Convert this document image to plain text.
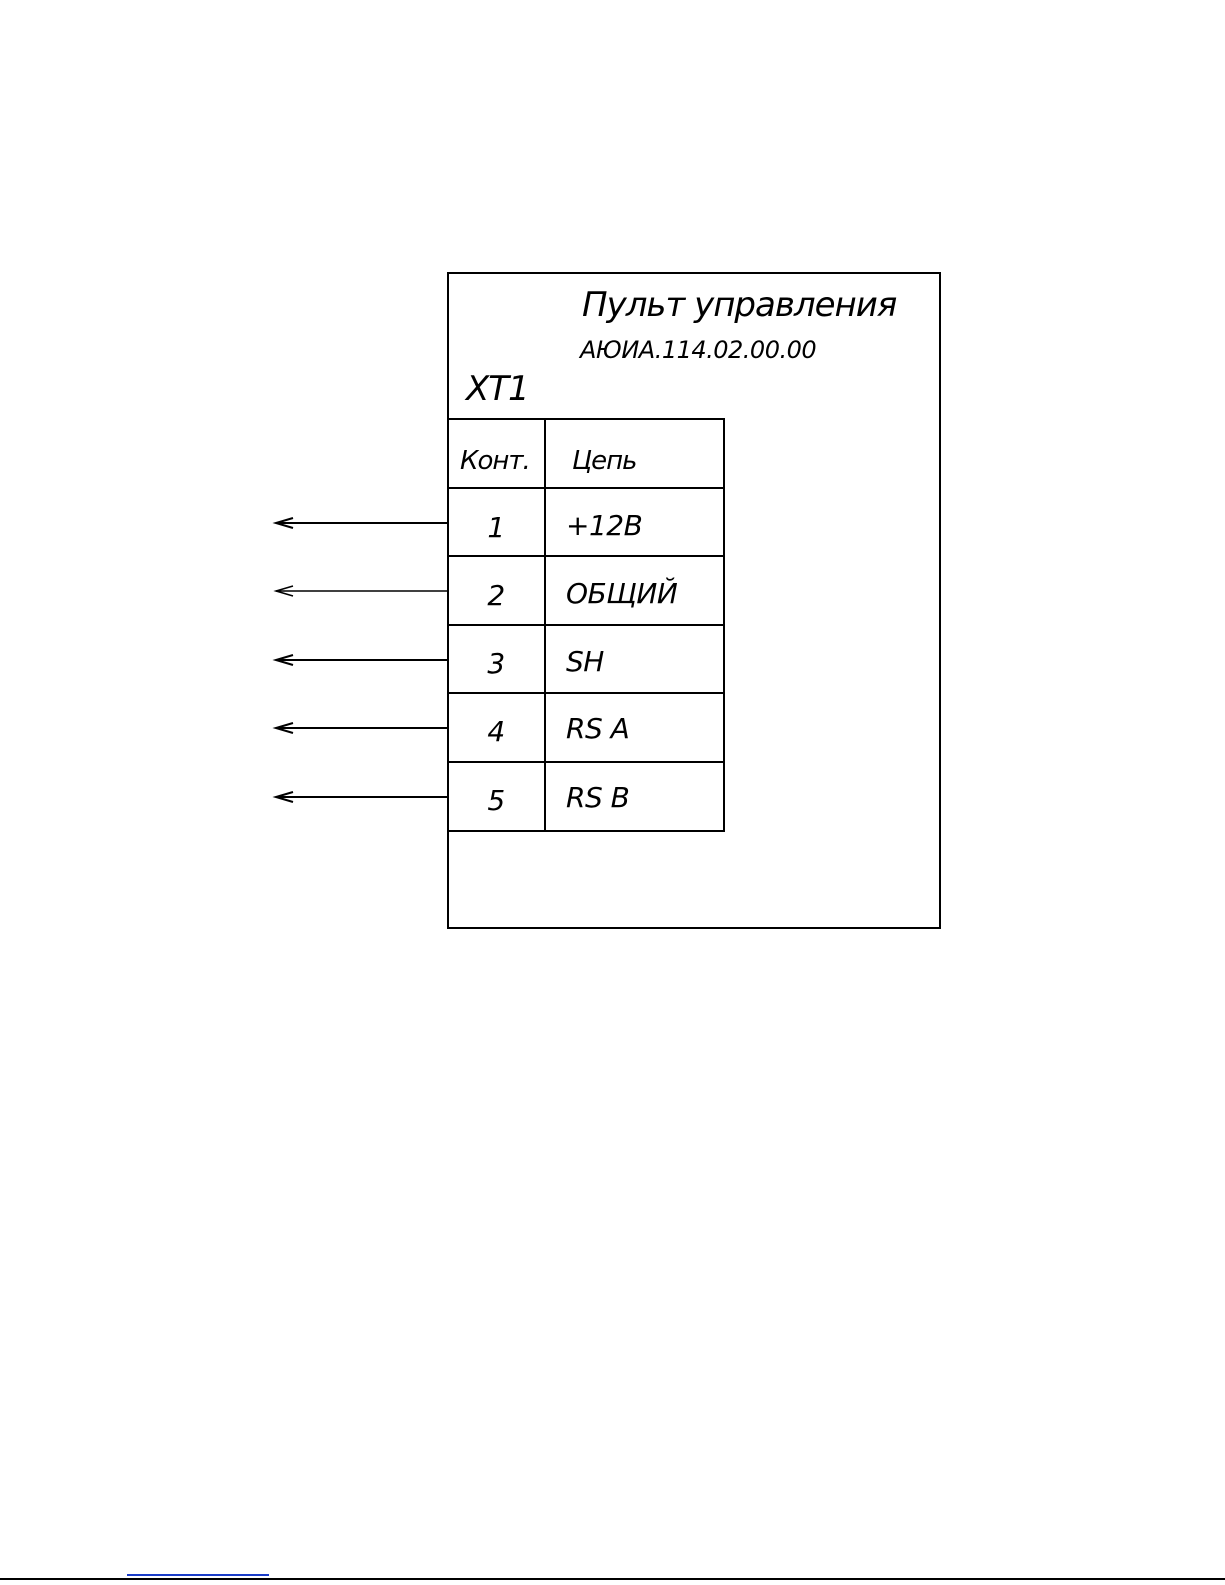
Пульт управления
АЮИА.114.02.00.00
XT1
Конт. Цепь
1 +12В
2 ОБЩИЙ
3 SH
4 RS A
5 RS B
